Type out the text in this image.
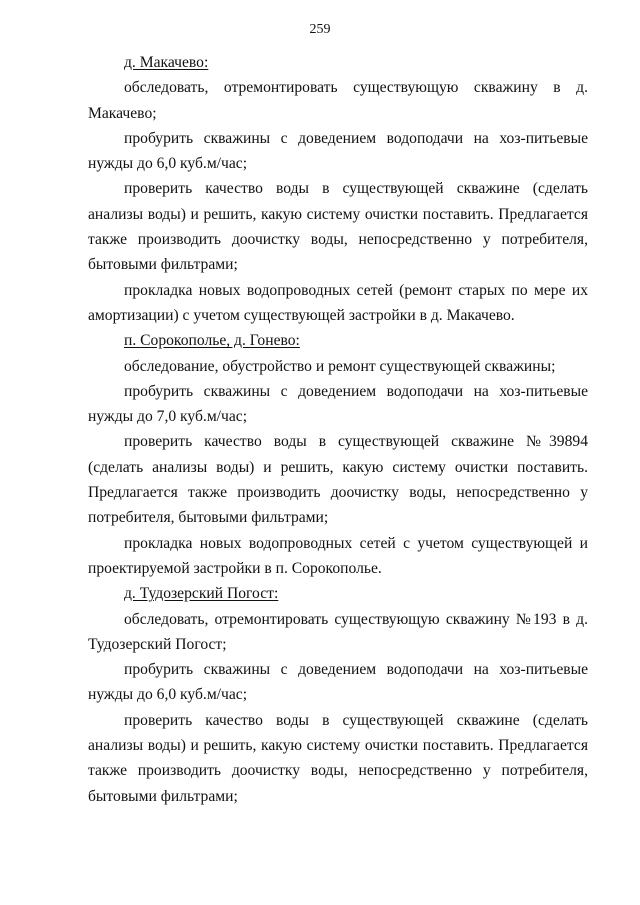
259

д. Макачево:

обследовать, отремонтировать существующую скважину в д. Макачево;

пробурить скважины с доведением водоподачи на хоз-питьевые нужды до 6,0 куб.м/час;

проверить качество воды в существующей скважине (сделать анализы воды) и решить, какую систему очистки поставить. Предлагается также производить доочистку воды, непосредственно у потребителя, бытовыми фильтрами;

прокладка новых водопроводных сетей (ремонт старых по мере их амортизации) с учетом существующей застройки в д. Макачево.

п. Сорокополье, д. Гонево:

обследование, обустройство и ремонт существующей скважины;

пробурить скважины с доведением водоподачи на хоз-питьевые нужды до 7,0 куб.м/час;

проверить качество воды в существующей скважине №39894 (сделать анализы воды) и решить, какую систему очистки поставить. Предлагается также производить доочистку воды, непосредственно у потребителя, бытовыми фильтрами;

прокладка новых водопроводных сетей с учетом существующей и проектируемой застройки в п. Сорокополье.

д. Тудозерский Погост:

обследовать, отремонтировать существующую скважину №193 в д. Тудозерский Погост;

пробурить скважины с доведением водоподачи на хоз-питьевые нужды до 6,0 куб.м/час;

проверить качество воды в существующей скважине (сделать анализы воды) и решить, какую систему очистки поставить. Предлагается также производить доочистку воды, непосредственно у потребителя, бытовыми фильтрами;
